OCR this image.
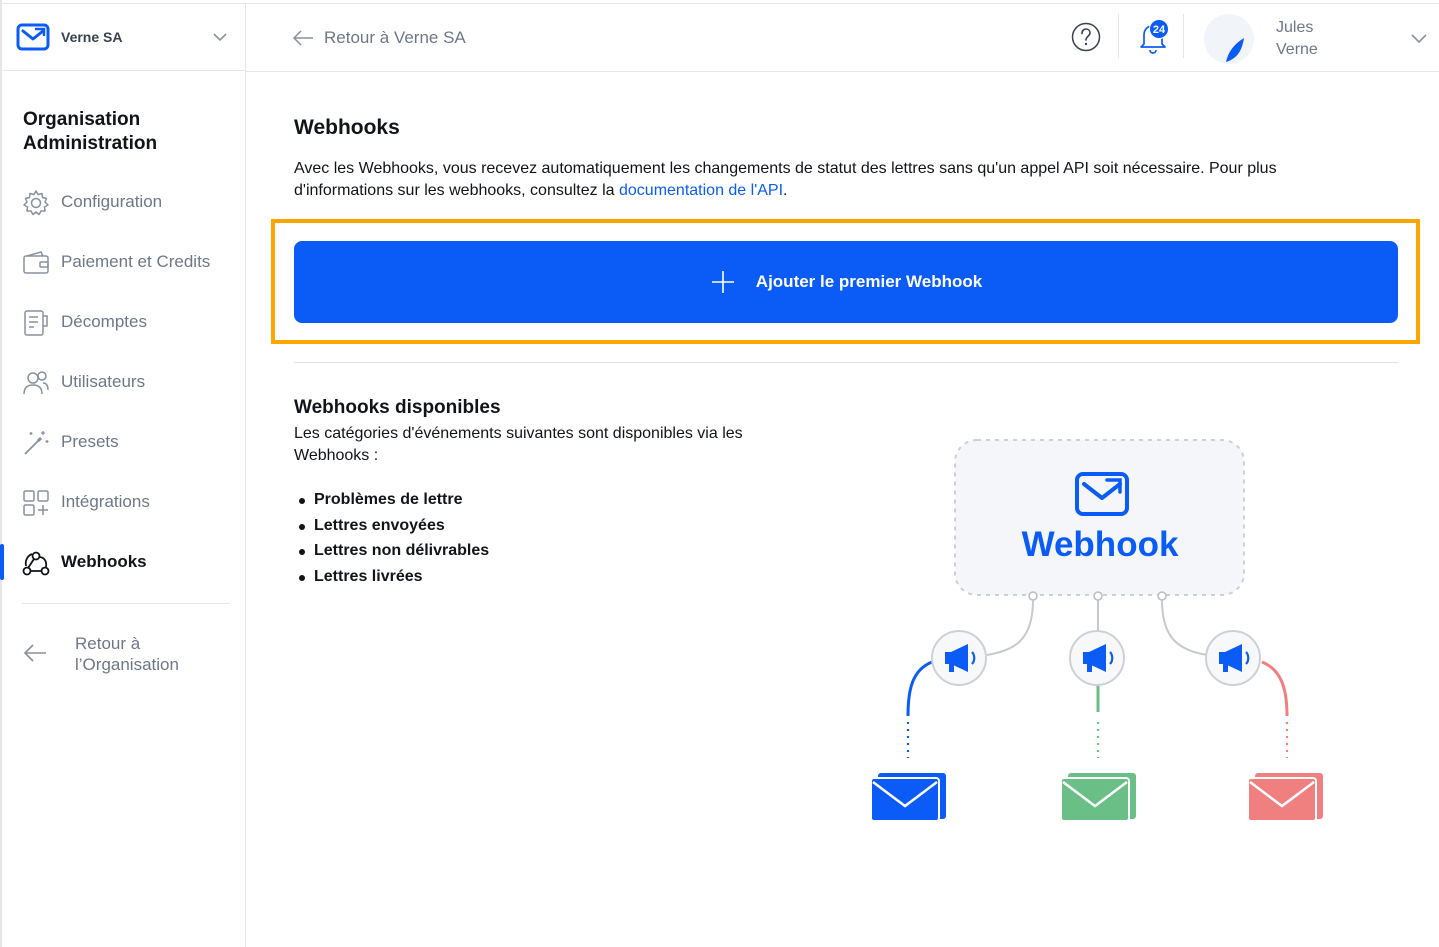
Verne SA
Organisation Administration
Configuration
Paiement et Credits
Décomptes
Utilisateurs
Presets
Intégrations
Webhooks
Retour à l’Organisation
Retour à Verne SA	24	Jules
Verne
Webhooks

Avec les Webhooks, vous recevez automatiquement les changements de statut des lettres sans qu'un appel API soit nécessaire. Pour plus d'informations sur les webhooks, consultez la documentation de l'API.

Ajouter le premier Webhook
Webhooks disponibles

Les catégories d'événements suivantes sont disponibles via les Webhooks :

Problèmes de lettre
Lettres envoyées
Lettres non délivrables
Lettres livrées
Webhook
